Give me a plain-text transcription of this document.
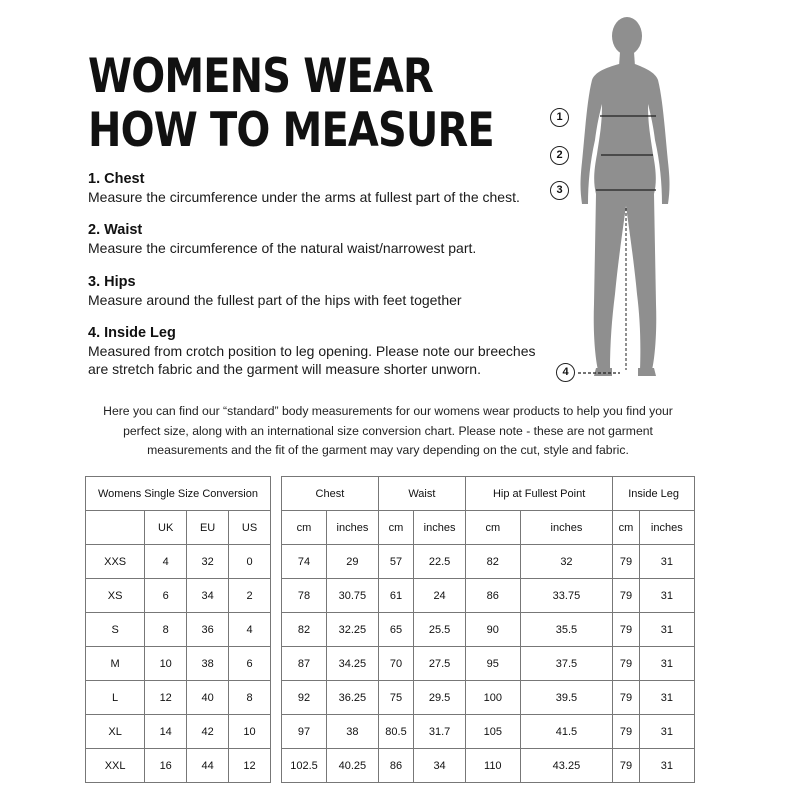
WOMENS WEAR
HOW TO MEASURE
1. Chest

Measure the circumference under the arms at fullest part of the chest.

2. Waist

Measure the circumference of the natural waist/narrowest part.

3. Hips

Measure around the fullest part of the hips with feet together

4. Inside Leg

Measured from crotch position to leg opening. Please note our breeches are stretch fabric and the garment will measure shorter unworn.

1
2
3
4

Here you can find our “standard” body measurements for our womens wear products to help you find your perfect size, along with an international size conversion chart. Please note - these are not garment measurements and the fit of the garment may vary depending on the cut, style and fabric.

Womens Single Size Conversion			
	UK	EU	US
XXS	4	32	0
XS	6	34	2
S	8	36	4
M	10	38	6
L	12	40	8
XL	14	42	10
XXL	16	44	12
Chest		Waist		Hip at Fullest Point		Inside Leg	
cm	inches	cm	inches	cm	inches	cm	inches
74	29	57	22.5	82	32	79	31
78	30.75	61	24	86	33.75	79	31
82	32.25	65	25.5	90	35.5	79	31
87	34.25	70	27.5	95	37.5	79	31
92	36.25	75	29.5	100	39.5	79	31
97	38	80.5	31.7	105	41.5	79	31
102.5	40.25	86	34	110	43.25	79	31
